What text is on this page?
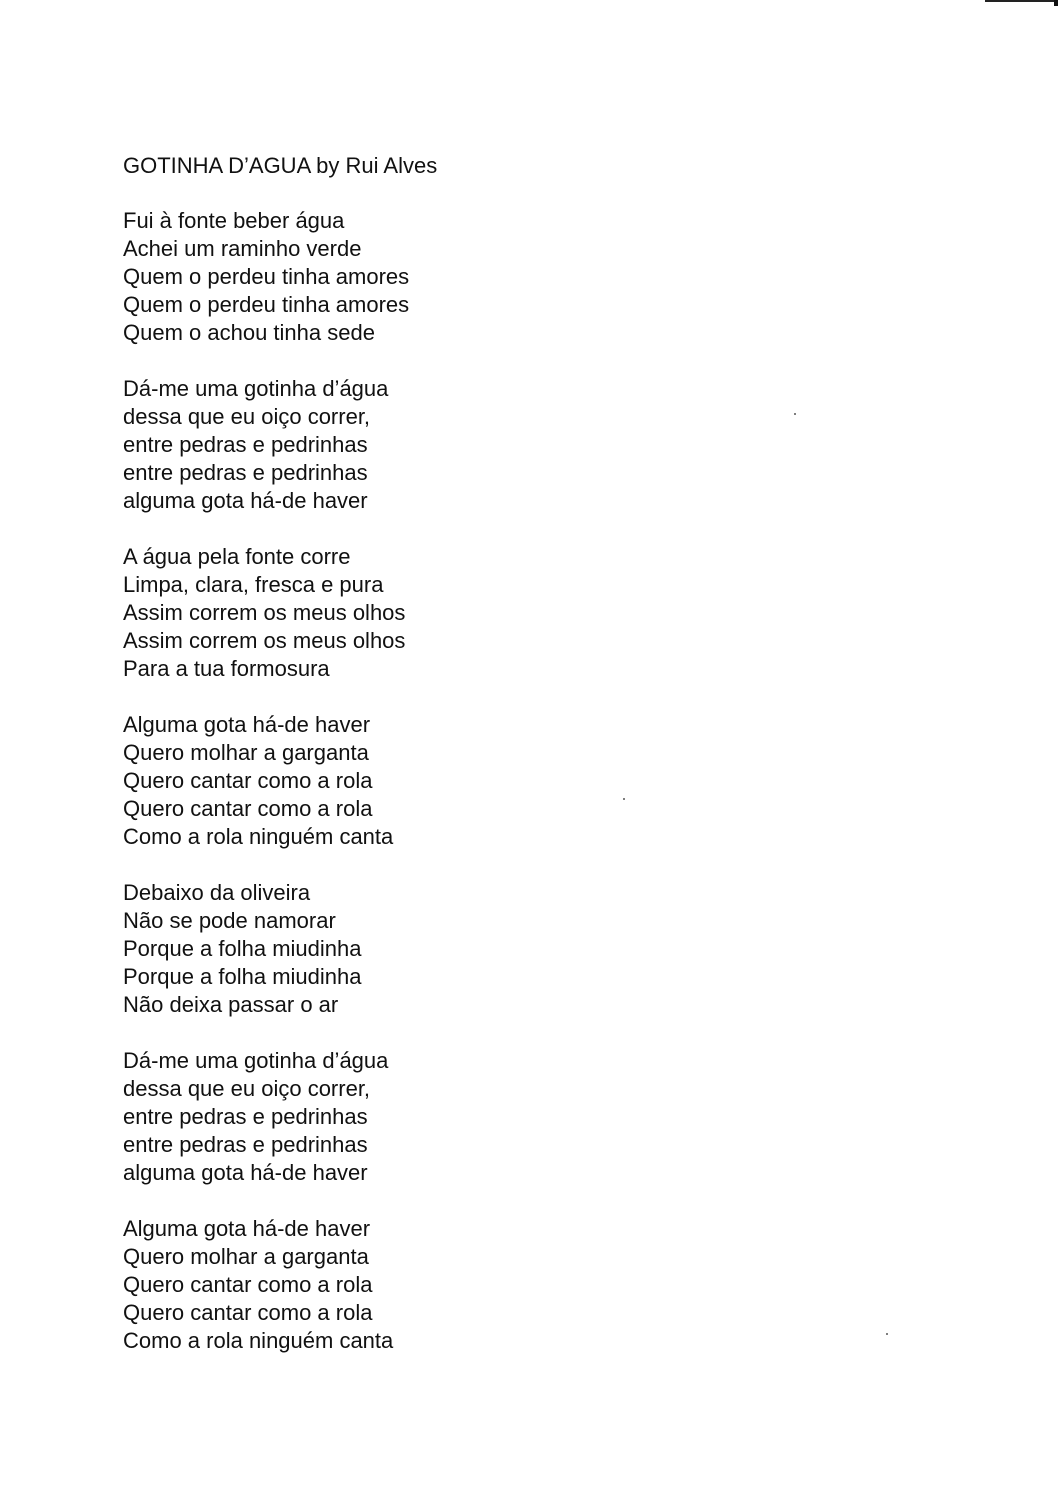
GOTINHA D’AGUA by Rui Alves
Fui à fonte beber água
Achei um raminho verde
Quem o perdeu tinha amores
Quem o perdeu tinha amores
Quem o achou tinha sede
Dá-me uma gotinha d’água
dessa que eu oiço correr,
entre pedras e pedrinhas
entre pedras e pedrinhas
alguma gota há-de haver
A água pela fonte corre
Limpa, clara, fresca e pura
Assim correm os meus olhos
Assim correm os meus olhos
Para a tua formosura
Alguma gota há-de haver
Quero molhar a garganta
Quero cantar como a rola
Quero cantar como a rola
Como a rola ninguém canta
Debaixo da oliveira
Não se pode namorar
Porque a folha miudinha
Porque a folha miudinha
Não deixa passar o ar
Dá-me uma gotinha d’água
dessa que eu oiço correr,
entre pedras e pedrinhas
entre pedras e pedrinhas
alguma gota há-de haver
Alguma gota há-de haver
Quero molhar a garganta
Quero cantar como a rola
Quero cantar como a rola
Como a rola ninguém canta
